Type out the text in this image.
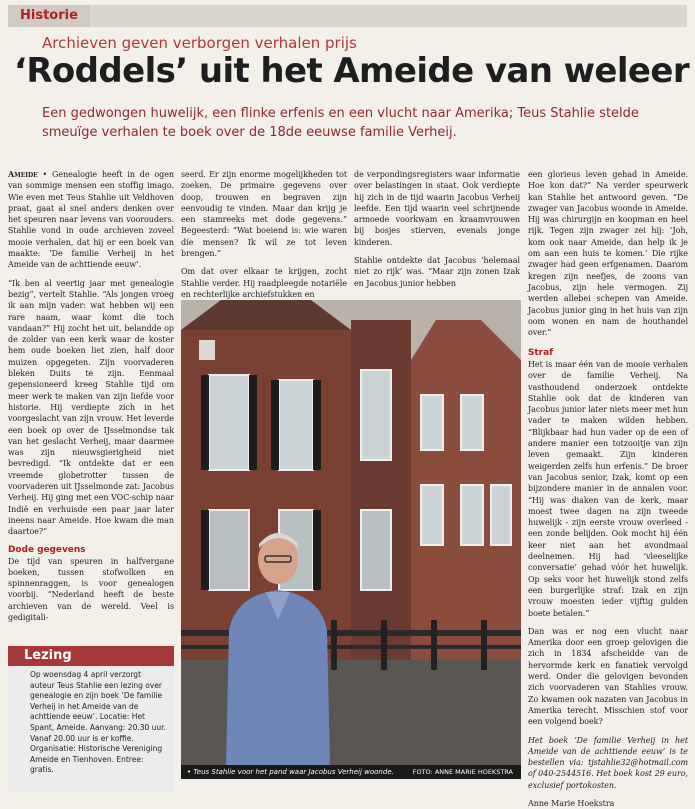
Historie
Archieven geven verborgen verhalen prijs
‘Roddels’ uit het Ameide van weleer
Een gedwongen huwelijk, een flinke erfenis en een vlucht naar Amerika; Teus Stahlie stelde smeuïge verhalen te boek over de 18de eeuwse familie Verheij.

Ameide • Genealogie heeft in de ogen van sommige mensen een stoffig imago. Wie even met Teus Stahlie uit Veldhoven praat, gaat al snel anders denken over het speuren naar levens van voorouders. Stahlie vond in oude archieven zoveel mooie verhalen, dat hij er een boek van maakte: ‘De familie Verheij in het Ameide van de achttiende eeuw’.

“Ik ben al veertig jaar met genealogie bezig”, vertelt Stahlie. “Als jongen vroeg ik aan mijn vader: wat hebben wij een rare naam, waar komt die toch vandaan?” Hij zocht het uit, belandde op de zolder van een kerk waar de koster hem oude boeken liet zien, half door muizen opgegeten. Zijn voorvaderen bleken Duits te zijn. Eenmaal gepensioneerd kreeg Stahlie tijd om meer werk te maken van zijn liefde voor historie. Hij verdiepte zich in het voorgeslacht van zijn vrouw. Het leverde een boek op over de IJsselmondse tak van het geslacht Verheij, maar daarmee was zijn nieuwsgierigheid niet bevredigd. “Ik ontdekte dat er een vreemde globetrotter tussen de voorvaderen uit IJsselmonde zat: Jacobus Verheij. Hij ging met een VOC-schip naar Indië en verhuisde een paar jaar later ineens naar Ameide. Hoe kwam die man daartoe?”

Dode gegevens

De tijd van speuren in halfvergane boeken, tussen stofwolken en spinnenraggen, is voor genealogen voorbij. “Nederland heeft de beste archieven van de wereld. Veel is gedigitali-

seerd. Er zijn enorme mogelijkheden tot zoeken. De primaire gegevens over doop, trouwen en begraven zijn eenvoudig te vinden. Maar dan krijg je een stamreeks met dode gegevens.” Begeesterd: “Wat boeiend is: wie waren die mensen? Ik wil ze tot leven brengen.”

Om dat over elkaar te krijgen, zocht Stahlie verder. Hij raadpleegde notariële en rechterlijke archiefstukken en

de verpondingsregisters waar informatie over belastingen in staat. Ook verdiepte hij zich in de tijd waarin Jacobus Verheij leefde. Een tijd waarin veel schrijnende armoede voorkwam en kraamvrouwen bij bosjes stierven, evenals jonge kinderen.

Stahlie ontdekte dat Jacobus ‘helemaal niet zo rijk’ was. “Maar zijn zonen Izak en Jacobus junior hebben

een glorieus leven gehad in Ameide. Hoe kon dat?” Na verder speurwerk kan Stahlie het antwoord geven. “De zwager van Jacobus woonde in Ameide. Hij was chirurgijn en koopman en heel rijk. Tegen zijn zwager zei hij: ‘Joh, kom ook naar Ameide, dan help ik je om aan een huis te komen.’ Die rijke zwager had geen erfgenamen. Daarom kregen zijn neefjes, de zoons van Jacobus, zijn hele vermogen. Zij werden allebei schepen van Ameide. Jacobus junior ging in het huis van zijn oom wonen en nam de houthandel over.”

Straf

Het is maar één van de mooie verhalen over de familie Verheij. Na vasthoudend onderzoek ontdekte Stahlie ook dat de kinderen van Jacobus junior later niets meer met hun vader te maken wilden hebben. “Blijkbaar had hun vader op de een of andere manier een totzooitje van zijn leven gemaakt. Zijn kinderen weigerden zelfs hun erfenis.” De broer van Jacobus senior, Izak, komt op een bijzondere manier in de annalen voor. “Hij was diaken van de kerk, maar moest twee dagen na zijn tweede huwelijk - zijn eerste vrouw overleed - een zonde belijden. Ook mocht hij één keer niet aan het avondmaal deelnemen. Hij had ‘vleeselijke conversatie’ gehad vóór het huwelijk. Op seks voor het huwelijk stond zelfs een burgerlijke straf: Izak en zijn vrouw moesten ieder vijftig gulden boete betalen.”

Dan was er nog een vlucht naar Amerika door een groep gelovigen die zich in 1834 afscheidde van de hervormde kerk en fanatiek vervolgd werd. Onder die gelovigen bevonden zich voorvaderen van Stahlies vrouw. Zo kwamen ook nazaten van Jacobus in Amerika terecht. Misschien stof voor een volgend boek?

Het boek ‘De familie Verheij in het Ameide van de achttiende eeuw’ is te bestellen via: tjstahlie32@hotmail.com of 040-2544516. Het boek kost 29 euro, exclusief portokosten.

Anne Marie Hoekstra

• Teus Stahlie voor het pand waar Jacobus Verheij woonde.	FOTO: ANNE MARIE HOEKSTRA
Lezing
Op woensdag 4 april verzorgt auteur Teus Stahlie een lezing over genealogie en zijn boek ‘De familie Verheij in het Ameide van de achttiende eeuw’. Locatie: Het Spant, Ameide. Aanvang: 20.30 uur. Vanaf 20.00 uur is er koffie. Organisatie: Historische Vereniging Ameide en Tienhoven. Entree: gratis.
